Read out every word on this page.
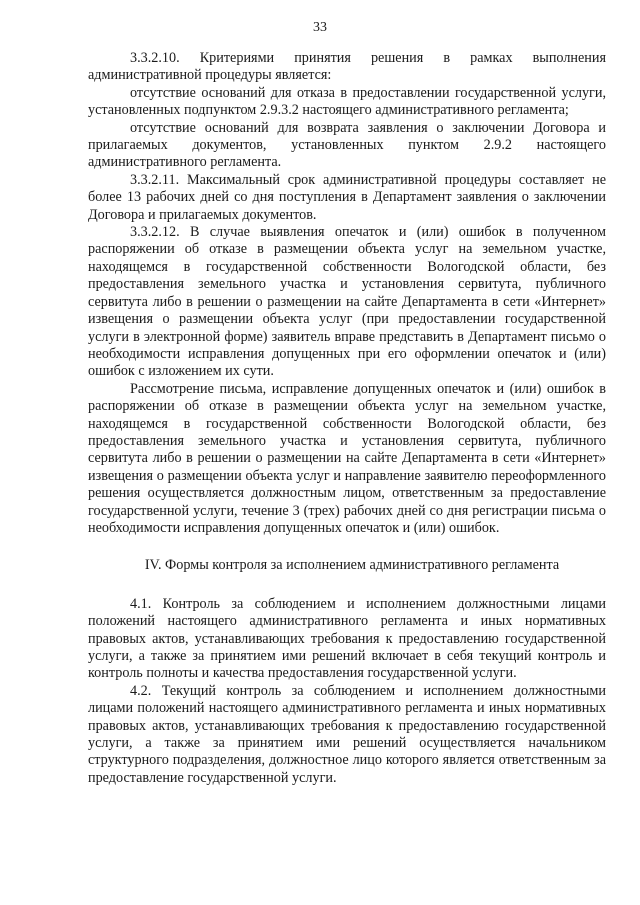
33

3.3.2.10. Критериями принятия решения в рамках выполнения административной процедуры является:

отсутствие оснований для отказа в предоставлении государственной услуги, установленных подпунктом 2.9.3.2 настоящего административного регламента;

отсутствие оснований для возврата заявления о заключении Договора и прилагаемых документов, установленных пунктом 2.9.2 настоящего административного регламента.

3.3.2.11. Максимальный срок административной процедуры составляет не более 13 рабочих дней со дня поступления в Департамент заявления о заключении Договора и прилагаемых документов.

3.3.2.12. В случае выявления опечаток и (или) ошибок в полученном распоряжении об отказе в размещении объекта услуг на земельном участке, находящемся в государственной собственности Вологодской области, без предоставления земельного участка и установления сервитута, публичного сервитута либо в решении о размещении на сайте Департамента в сети «Интернет» извещения о размещении объекта услуг (при предоставлении государственной услуги в электронной форме) заявитель вправе представить в Департамент письмо о необходимости исправления допущенных при его оформлении опечаток и (или) ошибок с изложением их сути.

Рассмотрение письма, исправление допущенных опечаток и (или) ошибок в распоряжении об отказе в размещении объекта услуг на земельном участке, находящемся в государственной собственности Вологодской области, без предоставления земельного участка и установления сервитута, публичного сервитута либо в решении о размещении на сайте Департамента в сети «Интернет» извещения о размещении объекта услуг и направление заявителю переоформленного решения осуществляется должностным лицом, ответственным за предоставление государственной услуги, течение 3 (трех) рабочих дней со дня регистрации письма о необходимости исправления допущенных опечаток и (или) ошибок.

IV. Формы контроля за исполнением административного регламента

4.1. Контроль за соблюдением и исполнением должностными лицами положений настоящего административного регламента и иных нормативных правовых актов, устанавливающих требования к предоставлению государственной услуги, а также за принятием ими решений включает в себя текущий контроль и контроль полноты и качества предоставления государственной услуги.

4.2. Текущий контроль за соблюдением и исполнением должностными лицами положений настоящего административного регламента и иных нормативных правовых актов, устанавливающих требования к предоставлению государственной услуги, а также за принятием ими решений осуществляется начальником структурного подразделения, должностное лицо которого является ответственным за предоставление государственной услуги.
